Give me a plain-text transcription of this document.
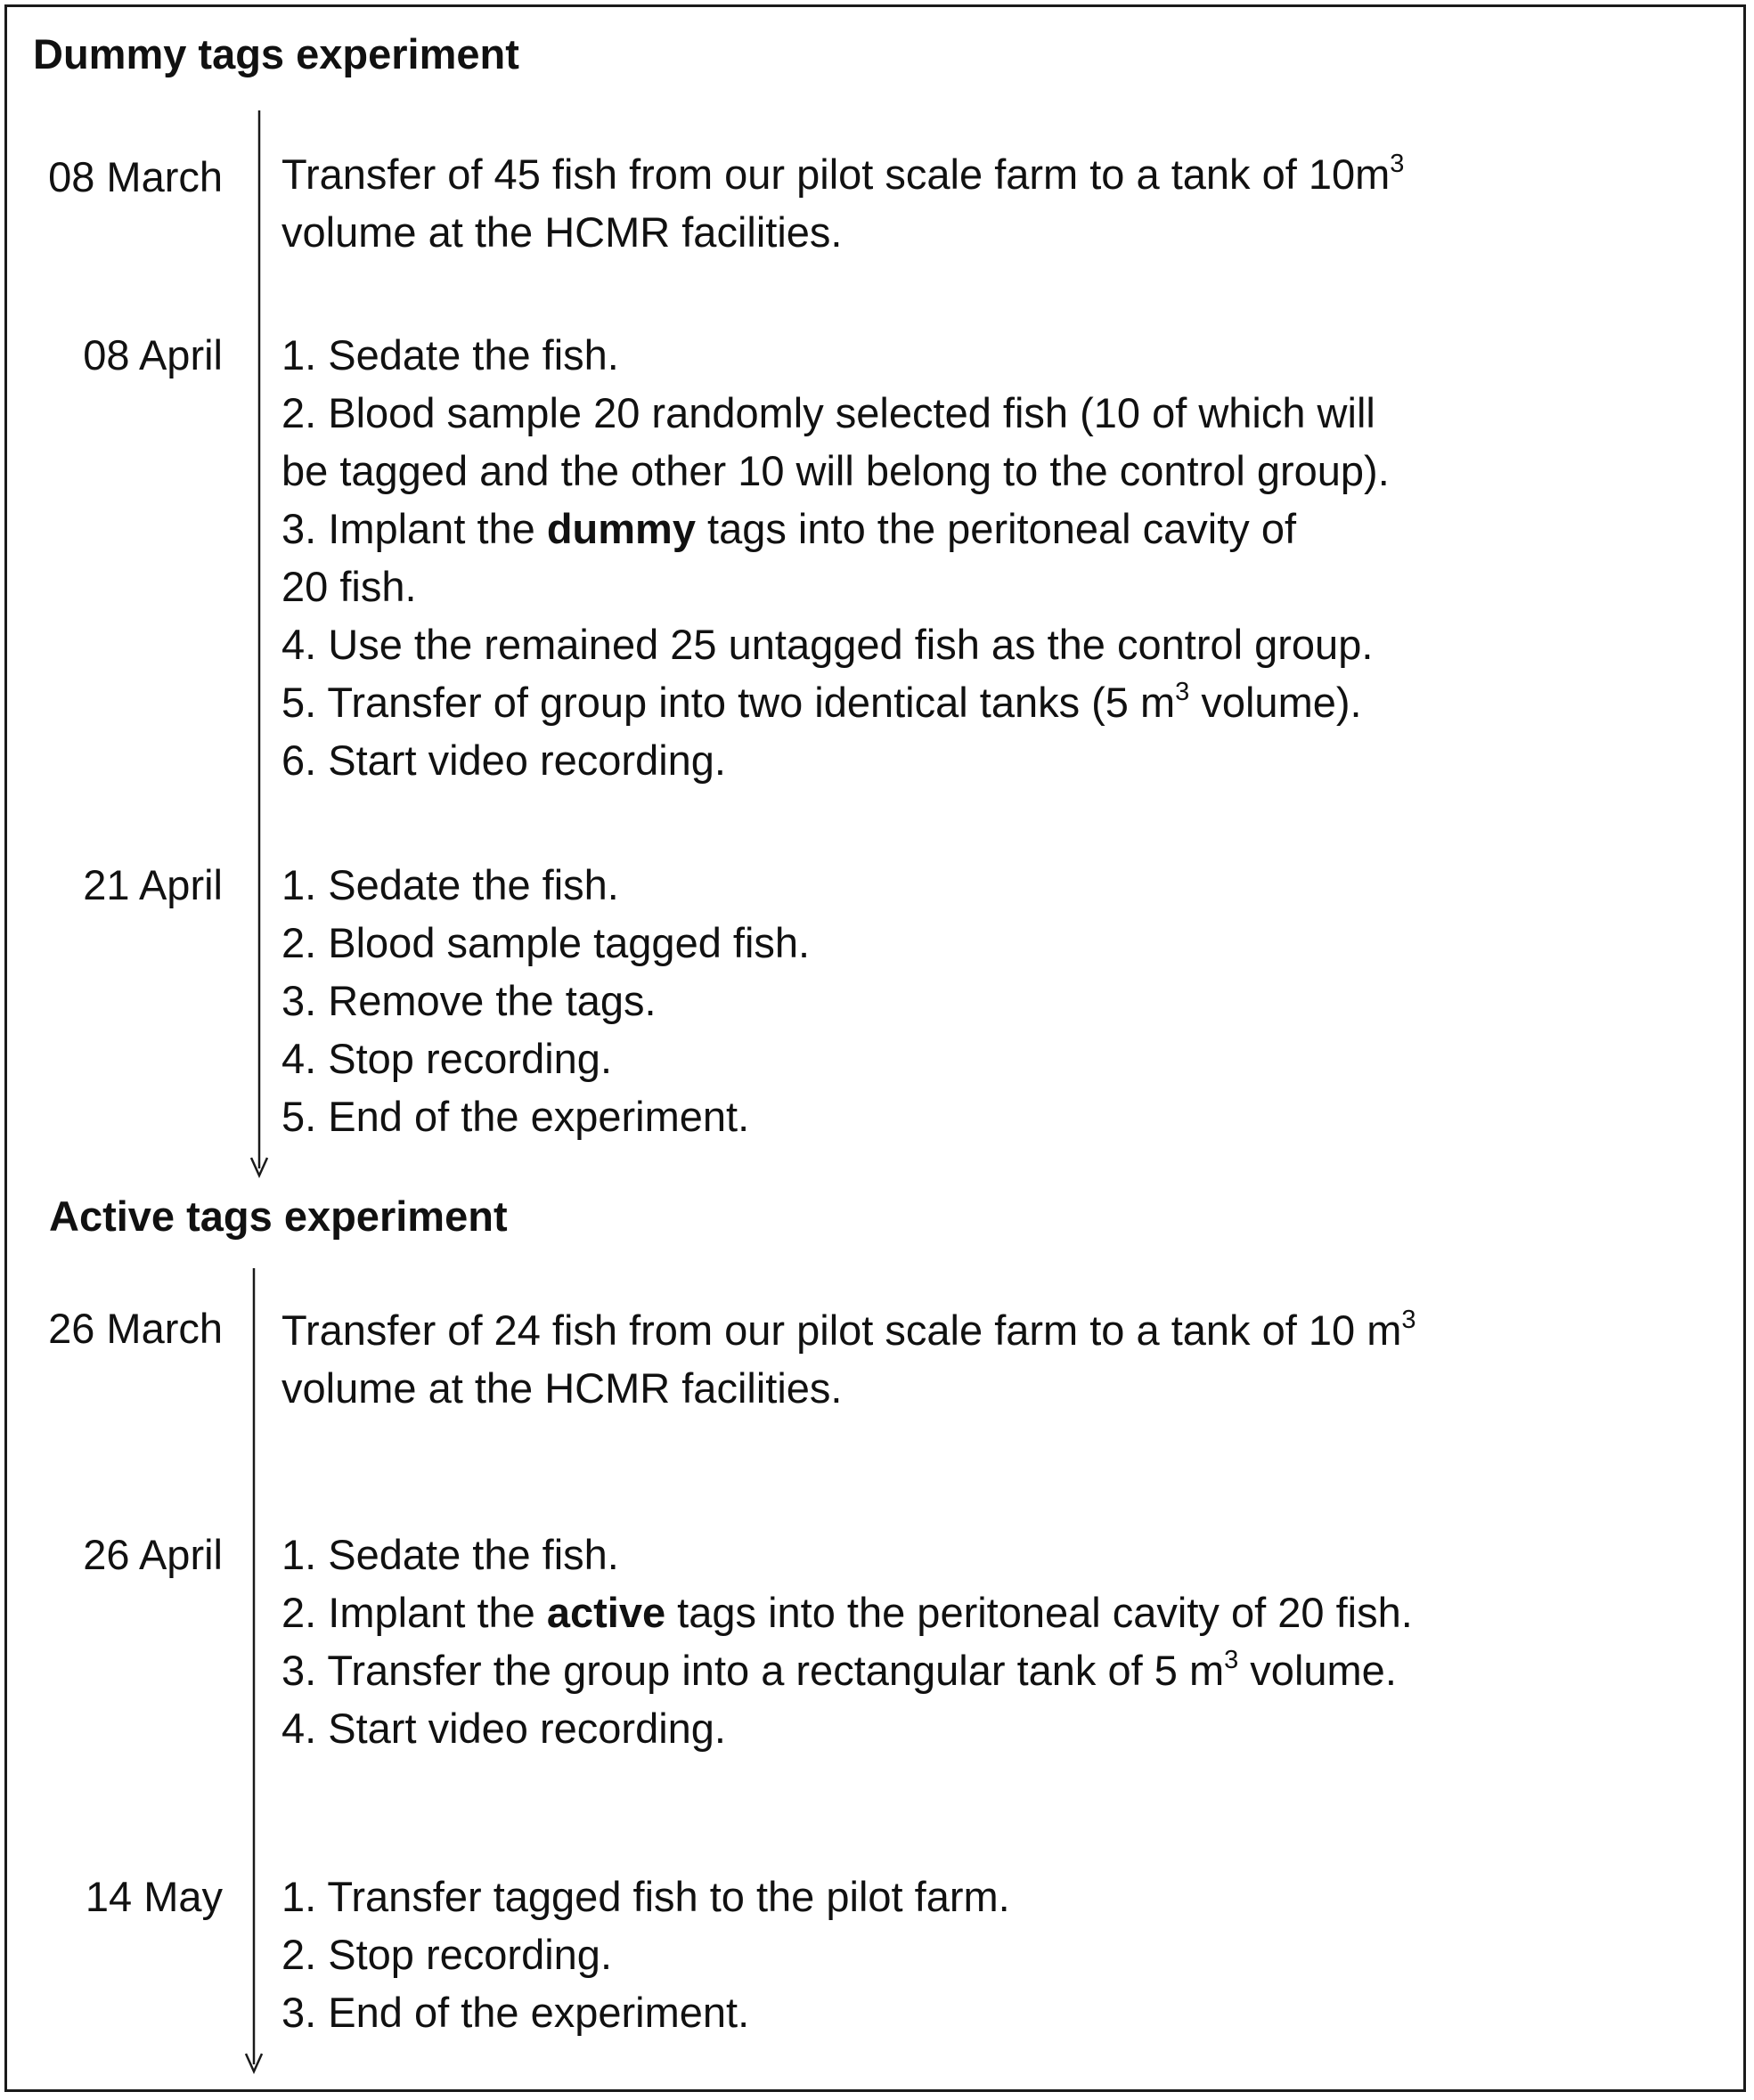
Dummy tags experiment
08 March Transfer of 45 fish from our pilot scale farm to a tank of $10m^3$
volume at the HCMR facilities.
08 April 1. Sedate the fish.
2. Blood sample 20 randomly selected fish (10 of which will
be tagged and the other 10 will belong to the control group).
3. Implant the dummy tags into the peritoneal cavity of
20 fish.
4. Use the remained 25 untagged fish as the control group.
5. Transfer of group into two identical tanks (5 $m^3$ volume).
6. Start video recording.
21 April 1. Sedate the fish.
2. Blood sample tagged fish.
3. Remove the tags.
4. Stop recording.
5. End of the experiment.
Active tags experiment
26 March Transfer of 24 fish from our pilot scale farm to a tank of 10 $m^3$
volume at the HCMR facilities.
26 April 1. Sedate the fish.
2. Implant the active tags into the peritoneal cavity of 20 fish.
3. Transfer the group into a rectangular tank of 5 $m^3$ volume.
4. Start video recording.
14 May 1. Transfer tagged fish to the pilot farm.
2. Stop recording.
3. End of the experiment.
